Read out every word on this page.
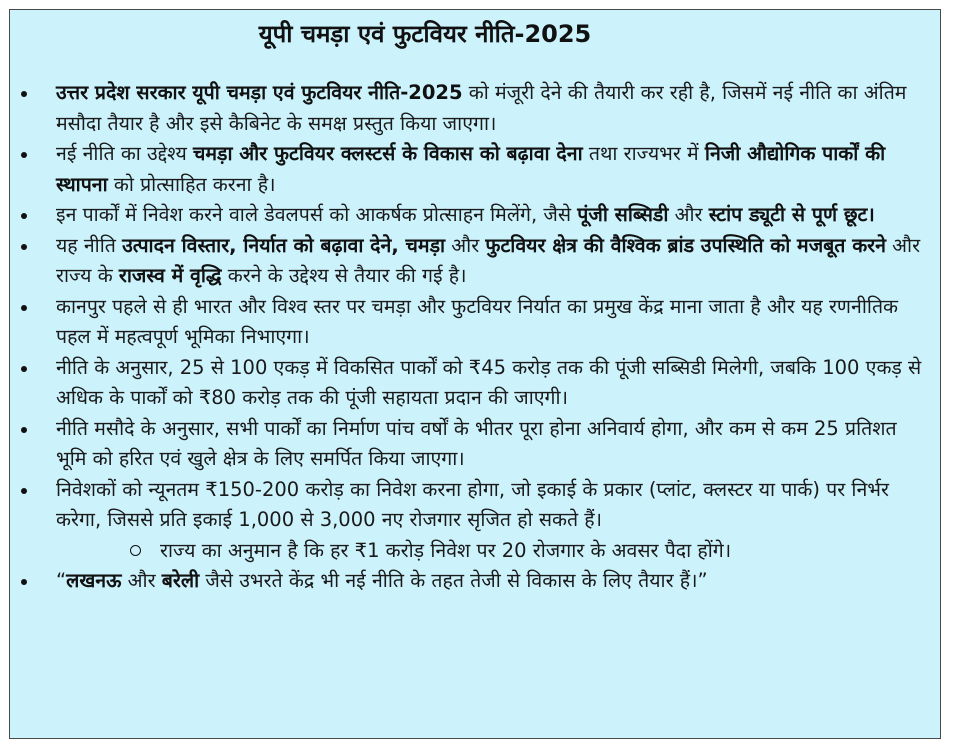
यूपी चमड़ा एवं फुटवियर नीति-2025
उत्तर प्रदेश सरकार यूपी चमड़ा एवं फुटवियर नीति-2025 को मंजूरी देने की तैयारी कर रही है, जिसमें नई नीति का अंतिम मसौदा तैयार है और इसे कैबिनेट के समक्ष प्रस्तुत किया जाएगा।
नई नीति का उद्देश्य चमड़ा और फुटवियर क्लस्टर्स के विकास को बढ़ावा देना तथा राज्यभर में निजी औद्योगिक पार्कों की स्थापना को प्रोत्साहित करना है।
इन पार्कों में निवेश करने वाले डेवलपर्स को आकर्षक प्रोत्साहन मिलेंगे, जैसे पूंजी सब्सिडी और स्टांप ड्यूटी से पूर्ण छूट।
यह नीति उत्पादन विस्तार, निर्यात को बढ़ावा देने, चमड़ा और फुटवियर क्षेत्र की वैश्विक ब्रांड उपस्थिति को मजबूत करने और राज्य के राजस्व में वृद्धि करने के उद्देश्य से तैयार की गई है।
कानपुर पहले से ही भारत और विश्व स्तर पर चमड़ा और फुटवियर निर्यात का प्रमुख केंद्र माना जाता है और यह रणनीतिक पहल में महत्वपूर्ण भूमिका निभाएगा।
नीति के अनुसार, 25 से 100 एकड़ में विकसित पार्कों को ₹45 करोड़ तक की पूंजी सब्सिडी मिलेगी, जबकि 100 एकड़ से अधिक के पार्कों को ₹80 करोड़ तक की पूंजी सहायता प्रदान की जाएगी।
नीति मसौदे के अनुसार, सभी पार्कों का निर्माण पांच वर्षों के भीतर पूरा होना अनिवार्य होगा, और कम से कम 25 प्रतिशत भूमि को हरित एवं खुले क्षेत्र के लिए समर्पित किया जाएगा।
निवेशकों को न्यूनतम ₹150-200 करोड़ का निवेश करना होगा, जो इकाई के प्रकार (प्लांट, क्लस्टर या पार्क) पर निर्भर करेगा, जिससे प्रति इकाई 1,000 से 3,000 नए रोजगार सृजित हो सकते हैं।
राज्य का अनुमान है कि हर ₹1 करोड़ निवेश पर 20 रोजगार के अवसर पैदा होंगे।
“लखनऊ और बरेली जैसे उभरते केंद्र भी नई नीति के तहत तेजी से विकास के लिए तैयार हैं।”
